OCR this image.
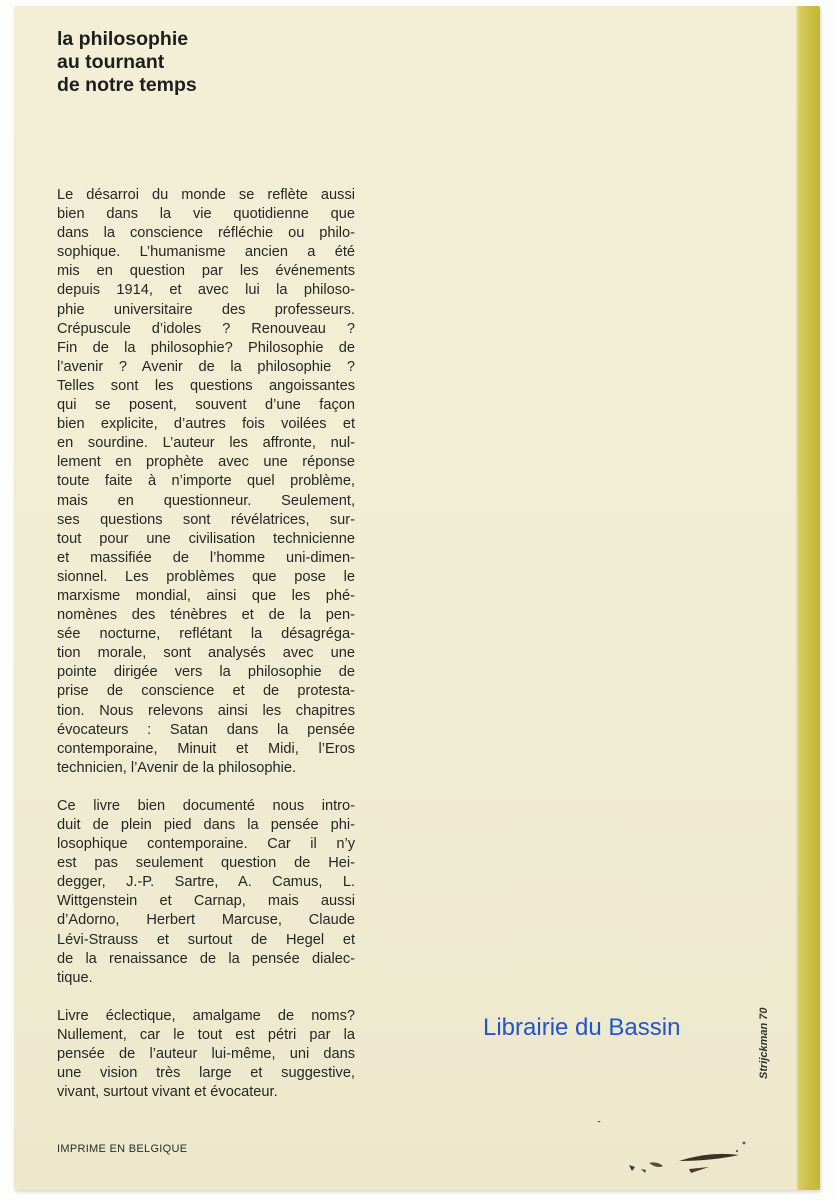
la philosophie
au tournant
de notre temps

Le désarroi du monde se reflète aussi
bien dans la vie quotidienne que
dans la conscience réfléchie ou philo-
sophique. L’humanisme ancien a été
mis en question par les événements
depuis 1914, et avec lui la philoso-
phie universitaire des professeurs.
Crépuscule d’idoles ? Renouveau ?
Fin de la philosophie? Philosophie de
l’avenir ? Avenir de la philosophie ?
Telles sont les questions angoissantes
qui se posent, souvent d’une façon
bien explicite, d’autres fois voilées et
en sourdine. L’auteur les affronte, nul-
lement en prophète avec une réponse
toute faite à n’importe quel problème,
mais en questionneur. Seulement,
ses questions sont révélatrices, sur-
tout pour une civilisation technicienne
et massifiée de l’homme uni-dimen-
sionnel. Les problèmes que pose le
marxisme mondial, ainsi que les phé-
nomènes des ténèbres et de la pen-
sée nocturne, reflétant la désagréga-
tion morale, sont analysés avec une
pointe dirigée vers la philosophie de
prise de conscience et de protesta-
tion. Nous relevons ainsi les chapitres
évocateurs : Satan dans la pensée
contemporaine, Minuit et Midi, l’Eros
technicien, l’Avenir de la philosophie.

Ce livre bien documenté nous intro-
duit de plein pied dans la pensée phi-
losophique contemporaine. Car il n’y
est pas seulement question de Hei-
degger, J.-P. Sartre, A. Camus, L.
Wittgenstein et Carnap, mais aussi
d’Adorno, Herbert Marcuse, Claude
Lévi-Strauss et surtout de Hegel et
de la renaissance de la pensée dialec-
tique.

Livre éclectique, amalgame de noms?
Nullement, car le tout est pétri par la
pensée de l’auteur lui-même, uni dans
une vision très large et suggestive,
vivant, surtout vivant et évocateur.

IMPRIME EN BELGIQUE
Librairie du Bassin	Strijckman 70
